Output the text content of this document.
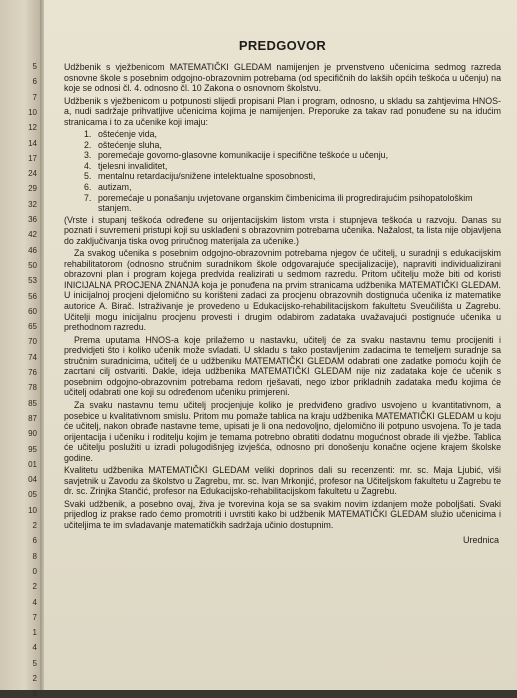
5
6
7
10
12
14
17
24
29
32
36
42
46
50
53
56
60
65
70
74
76
78
85
87
90
95
01
04
05
10
2
6
8
0
2
4
7
1
4
5
2
5
PREDGOVOR

Udžbenik s vježbenicom MATEMATIČKI GLEDAM namijenjen je prvenstveno učenicima sedmog razreda osnovne škole s posebnim odgojno-obrazovnim potrebama (od specifičnih do lakših općih teškoća u učenju) na koje se odnosi čl. 4. odnosno čl. 10 Zakona o osnovnom školstvu.

Udžbenik s vježbenicom u potpunosti slijedi propisani Plan i program, odnosno, u skladu sa zahtjevima HNOS-a, nudi sadržaje prihvatljive učenicima kojima je namijenjen. Preporuke za takav rad ponuđene su na idućim stranicama i to za učenike koji imaju:

1. oštećenje vida,
2. oštećenje sluha,
3. poremećaje govorno-glasovne komunikacije i specifične teškoće u učenju,
4. tjelesni invaliditet,
5. mentalnu retardaciju/snižene intelektualne sposobnosti,
6. autizam,
7. poremećaje u ponašanju uvjetovane organskim čimbenicima ili progredirajućim psihopatološkim stanjem.

(Vrste i stupanj teškoća određene su orijentacijskim listom vrsta i stupnjeva teškoća u razvoju. Danas su poznati i suvremeni pristupi koji su usklađeni s obrazovnim potrebama učenika. Nažalost, ta lista nije objavljena do zaključivanja tiska ovog priručnog materijala za učenike.)

Za svakog učenika s posebnim odgojno-obrazovnim potrebama njegov će učitelj, u suradnji s edukacijskim rehabilitatorom (odnosno stručnim suradnikom škole odgovarajuće specijalizacije), napraviti individualizirani obrazovni plan i program kojega predvida realizirati u sedmom razredu. Pritom učitelju može biti od koristi INICIJALNA PROCJENA ZNANJA koja je ponuđena na prvim stranicama udžbenika MATEMATIČKI GLEDAM. U inicijalnoj procjeni djelomično su korišteni zadaci za procjenu obrazovnih dostignuća učenika iz matematike autorice A. Birač. Istraživanje je provedeno u Edukacijsko-rehabilitacijskom fakultetu Sveučilišta u Zagrebu. Učitelji mogu inicijalnu procjenu provesti i drugim odabirom zadataka uvažavajući postignuće učenika u prethodnom razredu.

Prema uputama HNOS-a koje prilažemo u nastavku, učitelj će za svaku nastavnu temu procijeniti i predvidjeti što i koliko učenik može svladati. U skladu s tako postavljenim zadacima te temeljem suradnje sa stručnim suradnicima, učitelj će u udžbeniku MATEMATIČKI GLEDAM odabrati one zadatke pomoću kojih će zacrtani cilj ostvariti. Dakle, ideja udžbenika MATEMATIČKI GLEDAM nije niz zadataka koje će učenik s posebnim odgojno-obrazovnim potrebama redom rješavati, nego izbor prikladnih zadataka među kojima će učitelj odabrati one koji su određenom učeniku primjereni.

Za svaku nastavnu temu učitelj procjenjuje koliko je predviđeno gradivo usvojeno u kvantitativnom, a posebice u kvalitativnom smislu. Pritom mu pomaže tablica na kraju udžbenika MATEMATIČKI GLEDAM u koju će učitelj, nakon obrađe nastavne teme, upisati je li ona nedovoljno, djelomično ili potpuno usvojena. To je tada orijentacija i učeniku i roditelju kojim je temama potrebno obratiti dodatnu mogućnost obrade ili vježbe. Tablica će učitelju poslužiti u izradi polugodišnjeg izvješća, odnosno pri donošenju konačne ocjene krajem školske godine.

Kvalitetu udžbenika MATEMATIČKI GLEDAM veliki doprinos dali su recenzenti: mr. sc. Maja Ljubić, viši savjetnik u Zavodu za školstvo u Zagrebu, mr. sc. Ivan Mrkonjić, profesor na Učiteljskom fakultetu u Zagrebu te dr. sc. Zrinjka Stančić, profesor na Edukacijsko-rehabilitacijskom fakultetu u Zagrebu.

Svaki udžbenik, a posebno ovaj, živa je tvorevina koja se sa svakim novim izdanjem može poboljšati. Svaki prijedlog iz prakse rado ćemo promotriti i uvrstiti kako bi udžbenik MATEMATIČKI GLEDAM služio učenicima i učiteljima te im svladavanje matematičkih sadržaja učinio dostupnim.

Urednica
